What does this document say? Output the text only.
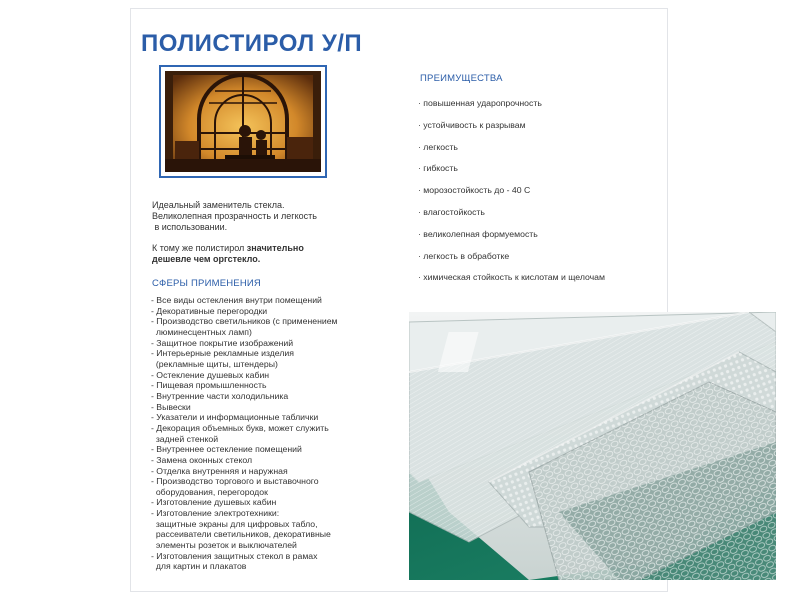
ПОЛИСТИРОЛ У/П

Идеальный заменитель стекла.

Великолепная прозрачность и легкость

в использовании.

К тому же полистирол значительно

дешевле чем оргстекло.

СФЕРЫ ПРИМЕНЕНИЯ
- Все виды остекления внутри помещений
- Декоративные перегородки
- Производство светильников (с применением
люминесцентных ламп)
- Защитное покрытие изображений
- Интерьерные рекламные изделия
(рекламные щиты, штендеры)
- Остекление душевых кабин
- Пищевая промышленность
- Внутренние части холодильника
- Вывески
- Указатели и информационные таблички
- Декорация объемных букв, может служить
задней стенкой
- Внутреннее остекление помещений
- Замена оконных стекол
- Отделка внутренняя и наружная
- Производство торгового и выставочного
оборудования, перегородок
- Изготовление душевых кабин
- Изготовление электротехники:
защитные экраны для цифровых табло,
рассеиватели светильников, декоративные
элементы розеток и выключателей
- Изготовления защитных стекол в рамах
для картин и плакатов
ПРЕИМУЩЕСТВА
· повышенная ударопрочность
· устойчивость к разрывам
· легкость
· гибкость
· морозостойкость до - 40 С
· влагостойкость
· великолепная формуемость
· легкость в обработке
· химическая стойкость к кислотам и щелочам
